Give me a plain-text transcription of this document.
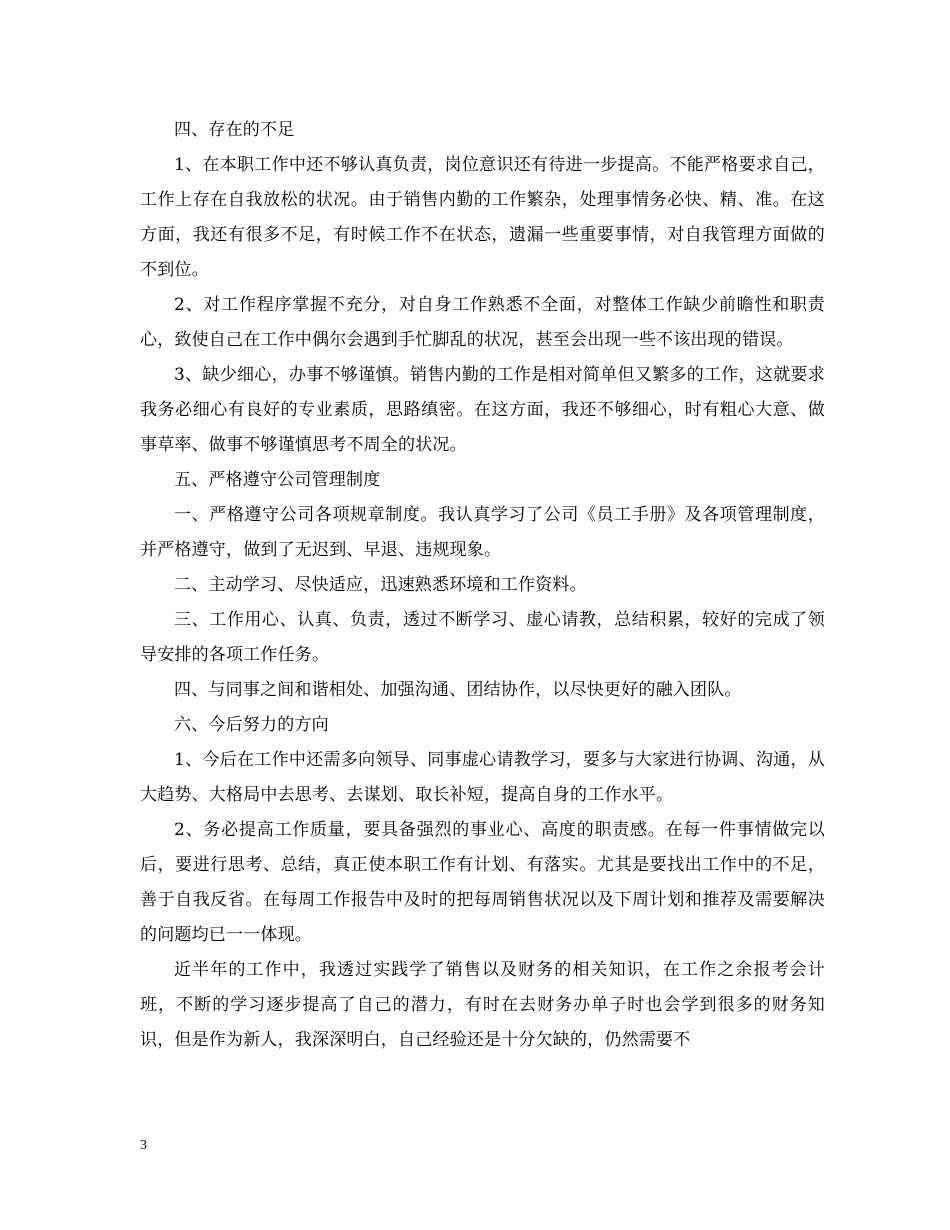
四、存在的不足

1、在本职工作中还不够认真负责，岗位意识还有待进一步提高。不能严格要求自己，工作上存在自我放松的状况。由于销售内勤的工作繁杂，处理事情务必快、精、准。在这方面，我还有很多不足，有时候工作不在状态，遗漏一些重要事情，对自我管理方面做的不到位。

2、对工作程序掌握不充分，对自身工作熟悉不全面，对整体工作缺少前瞻性和职责心，致使自己在工作中偶尔会遇到手忙脚乱的状况，甚至会出现一些不该出现的错误。

3、缺少细心，办事不够谨慎。销售内勤的工作是相对简单但又繁多的工作，这就要求我务必细心有良好的专业素质，思路缜密。在这方面，我还不够细心，时有粗心大意、做事草率、做事不够谨慎思考不周全的状况。

五、严格遵守公司管理制度

一、严格遵守公司各项规章制度。我认真学习了公司《员工手册》及各项管理制度，并严格遵守，做到了无迟到、早退、违规现象。

二、主动学习、尽快适应，迅速熟悉环境和工作资料。

三、工作用心、认真、负责，透过不断学习、虚心请教，总结积累，较好的完成了领导安排的各项工作任务。

四、与同事之间和谐相处、加强沟通、团结协作，以尽快更好的融入团队。

六、今后努力的方向

1、今后在工作中还需多向领导、同事虚心请教学习，要多与大家进行协调、沟通，从大趋势、大格局中去思考、去谋划、取长补短，提高自身的工作水平。

2、务必提高工作质量，要具备强烈的事业心、高度的职责感。在每一件事情做完以后，要进行思考、总结，真正使本职工作有计划、有落实。尤其是要找出工作中的不足，善于自我反省。在每周工作报告中及时的把每周销售状况以及下周计划和推荐及需要解决的问题均已一一体现。

近半年的工作中，我透过实践学了销售以及财务的相关知识，在工作之余报考会计班，不断的学习逐步提高了自己的潜力，有时在去财务办单子时也会学到很多的财务知识，但是作为新人，我深深明白，自己经验还是十分欠缺的，仍然需要不

3
